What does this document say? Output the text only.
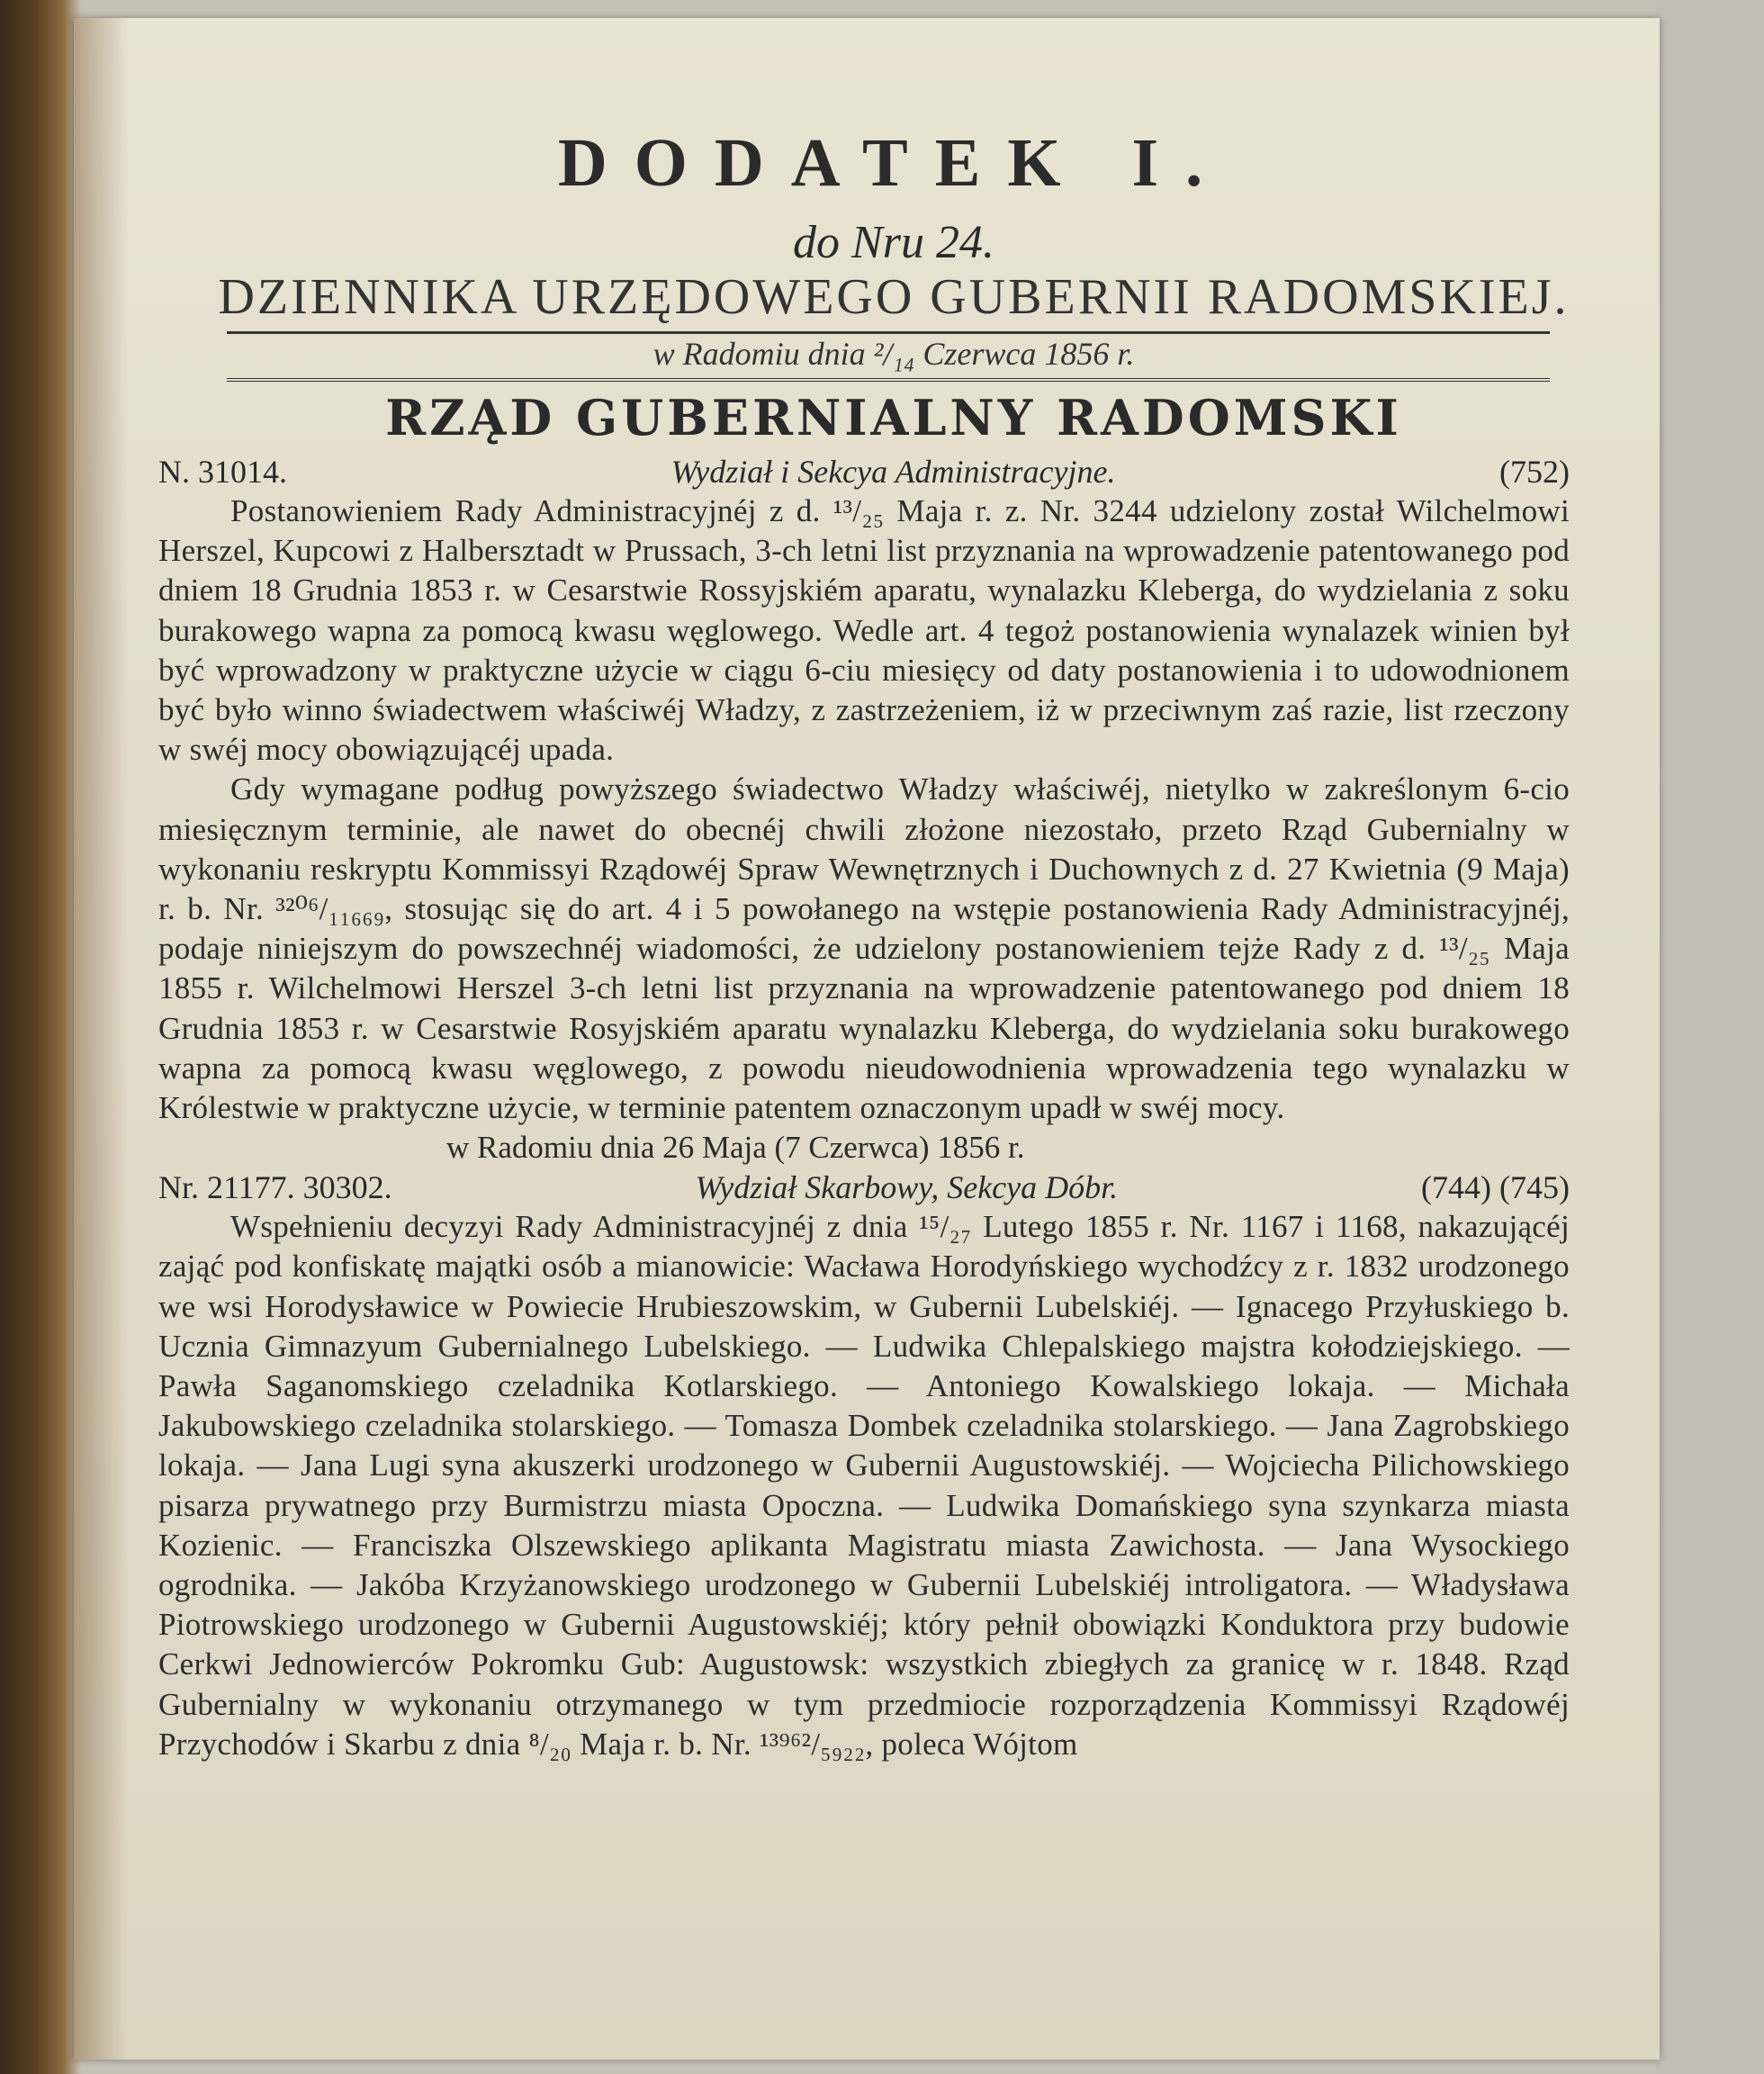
DODATEK I.
do Nru 24.
DZIENNIKA URZĘDOWEGO GUBERNII RADOMSKIEJ.
w Radomiu dnia ²/₁₄ Czerwca 1856 r.
RZĄD GUBERNIALNY RADOMSKI
N. 31014.	Wydział i Sekcya Administracyjne.	(752)

Postanowieniem Rady Administracyjnéj z d. ¹³/₂₅ Maja r. z. Nr. 3244 udzielony został Wilchelmowi Herszel, Kupcowi z Halbersztadt w Prussach, 3-ch letni list przyznania na wprowadzenie patentowanego pod dniem 18 Grudnia 1853 r. w Cesarstwie Rossyjskiém aparatu, wynalazku Kleberga, do wydzielania z soku burakowego wapna za pomocą kwasu węglowego. Wedle art. 4 tegoż postanowienia wynalazek winien był być wprowadzony w praktyczne użycie w ciągu 6-ciu miesięcy od daty postanowienia i to udowodnionem być było winno świadectwem właściwéj Władzy, z zastrzeżeniem, iż w przeciwnym zaś razie, list rzeczony w swéj mocy obowiązującéj upada.

Gdy wymagane podług powyższego świadectwo Władzy właściwéj, nietylko w zakreślonym 6-cio miesięcznym terminie, ale nawet do obecnéj chwili złożone niezostało, przeto Rząd Gubernialny w wykonaniu reskryptu Kommissyi Rządowéj Spraw Wewnętrznych i Duchownych z d. 27 Kwietnia (9 Maja) r. b. Nr. ³²⁰⁶/₁₁₆₆₉, stosując się do art. 4 i 5 powołanego na wstępie postanowienia Rady Administracyjnéj, podaje niniejszym do powszechnéj wiadomości, że udzielony postanowieniem tejże Rady z d. ¹³/₂₅ Maja 1855 r. Wilchelmowi Herszel 3-ch letni list przyznania na wprowadzenie patentowanego pod dniem 18 Grudnia 1853 r. w Cesarstwie Rosyjskiém aparatu wynalazku Kleberga, do wydzielania soku burakowego wapna za pomocą kwasu węglowego, z powodu nieudowodnienia wprowadzenia tego wynalazku w Królestwie w praktyczne użycie, w terminie patentem oznaczonym upadł w swéj mocy.

w Radomiu dnia 26 Maja (7 Czerwca) 1856 r.
Nr. 21177. 30302.	Wydział Skarbowy, Sekcya Dóbr.	(744) (745)

Wspełnieniu decyzyi Rady Administracyjnéj z dnia ¹⁵/₂₇ Lutego 1855 r. Nr. 1167 i 1168, nakazującéj zająć pod konfiskatę majątki osób a mianowicie: Wacława Horodyńskiego wychodźcy z r. 1832 urodzonego we wsi Horodysławice w Powiecie Hrubieszowskim, w Gubernii Lubelskiéj. — Ignacego Przyłuskiego b. Ucznia Gimnazyum Gubernialnego Lubelskiego. — Ludwika Chlepalskiego majstra kołodziejskiego. — Pawła Saganomskiego czeladnika Kotlarskiego. — Antoniego Kowalskiego lokaja. — Michała Jakubowskiego czeladnika stolarskiego. — Tomasza Dombek czeladnika stolarskiego. — Jana Zagrobskiego lokaja. — Jana Lugi syna akuszerki urodzonego w Gubernii Augustowskiéj. — Wojciecha Pilichowskiego pisarza prywatnego przy Burmistrzu miasta Opoczna. — Ludwika Domańskiego syna szynkarza miasta Kozienic. — Franciszka Olszewskiego aplikanta Magistratu miasta Zawichosta. — Jana Wysockiego ogrodnika. — Jakóba Krzyżanowskiego urodzonego w Gubernii Lubelskiéj introligatora. — Władysława Piotrowskiego urodzonego w Gubernii Augustowskiéj; który pełnił obowiązki Konduktora przy budowie Cerkwi Jednowierców Pokromku Gub: Augustowsk: wszystkich zbiegłych za granicę w r. 1848. Rząd Gubernialny w wykonaniu otrzymanego w tym przedmiocie rozporządzenia Kommissyi Rządowéj Przychodów i Skarbu z dnia ⁸/₂₀ Maja r. b. Nr. ¹³⁹⁶²/₅₉₂₂, poleca Wójtom
